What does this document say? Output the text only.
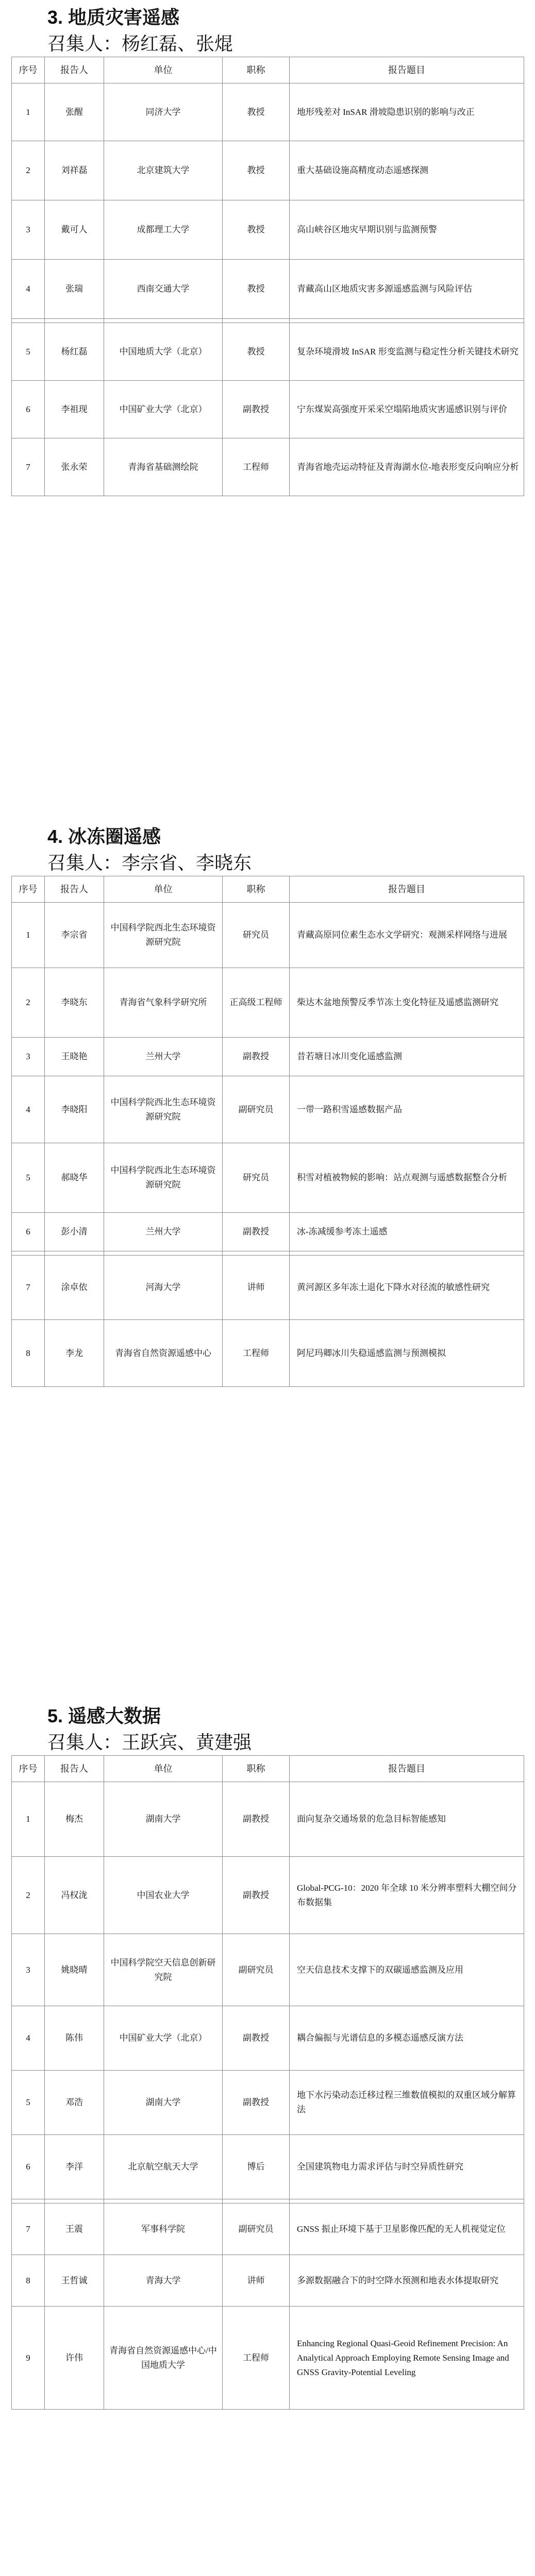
3. 地质灾害遥感
召集人：杨红磊、张焜
序号	报告人	单位	职称	报告题目
1	张醒	同济大学	教授	地形残差对 InSAR 滑坡隐患识别的影响与改正
2	刘祥磊	北京建筑大学	教授	重大基础设施高精度动态遥感探测
3	戴可人	成都理工大学	教授	高山峡谷区地灾早期识别与监测预警
4	张瑞	西南交通大学	教授	青藏高山区地质灾害多源遥感监测与风险评估

5	杨红磊	中国地质大学（北京）	教授	复杂环境滑坡 InSAR 形变监测与稳定性分析关键技术研究
6	李祖现	中国矿业大学（北京）	副教授	宁东煤炭高强度开采采空塌陷地质灾害遥感识别与评价
7	张永荣	青海省基础测绘院	工程师	青海省地壳运动特征及青海湖水位-地表形变反向响应分析
4. 冰冻圈遥感
召集人：李宗省、李晓东
序号	报告人	单位	职称	报告题目
1	李宗省	中国科学院西北生态环境资源研究院	研究员	青藏高原同位素生态水文学研究：观测采样网络与进展
2	李晓东	青海省气象科学研究所	正高级工程师	柴达木盆地预警反季节冻土变化特征及遥感监测研究
3	王晓艳	兰州大学	副教授	昔若塘日冰川变化遥感监测
4	李晓阳	中国科学院西北生态环境资源研究院	副研究员	一带一路积雪遥感数据产品
5	郝晓华	中国科学院西北生态环境资源研究院	研究员	积雪对植被物候的影响：站点观测与遥感数据整合分析
6	彭小清	兰州大学	副教授	冰-冻减缓参考冻土遥感

7	涂卓依	河海大学	讲师	黄河源区多年冻土退化下降水对径流的敏感性研究
8	李龙	青海省自然资源遥感中心	工程师	阿尼玛卿冰川失稳遥感监测与预测模拟
5. 遥感大数据
召集人：王跃宾、黄建强
序号	报告人	单位	职称	报告题目
1	梅杰	湖南大学	副教授	面向复杂交通场景的危急目标智能感知
2	冯权泷	中国农业大学	副教授	Global-PCG-10：2020 年全球 10 米分辨率塑料大棚空间分布数据集
3	姚晓晴	中国科学院空天信息创新研究院	副研究员	空天信息技术支撑下的双碳遥感监测及应用
4	陈伟	中国矿业大学（北京）	副教授	耦合偏振与光谱信息的多模态遥感反演方法
5	邓浩	湖南大学	副教授	地下水污染动态迁移过程三维数值模拟的双重区域分解算法
6	李洋	北京航空航天大学	博后	全国建筑物电力需求评估与时空异质性研究

7	王震	军事科学院	副研究员	GNSS 振止环境下基于卫星影像匹配的无人机视觉定位
8	王哲诚	青海大学	讲师	多源数据融合下的时空降水预测和地表水体提取研究
9	许伟	青海省自然资源遥感中心/中国地质大学	工程师	Enhancing Regional Quasi-Geoid Refinement Precision: An Analytical Approach Employing Remote Sensing Image and GNSS Gravity-Potential Leveling
